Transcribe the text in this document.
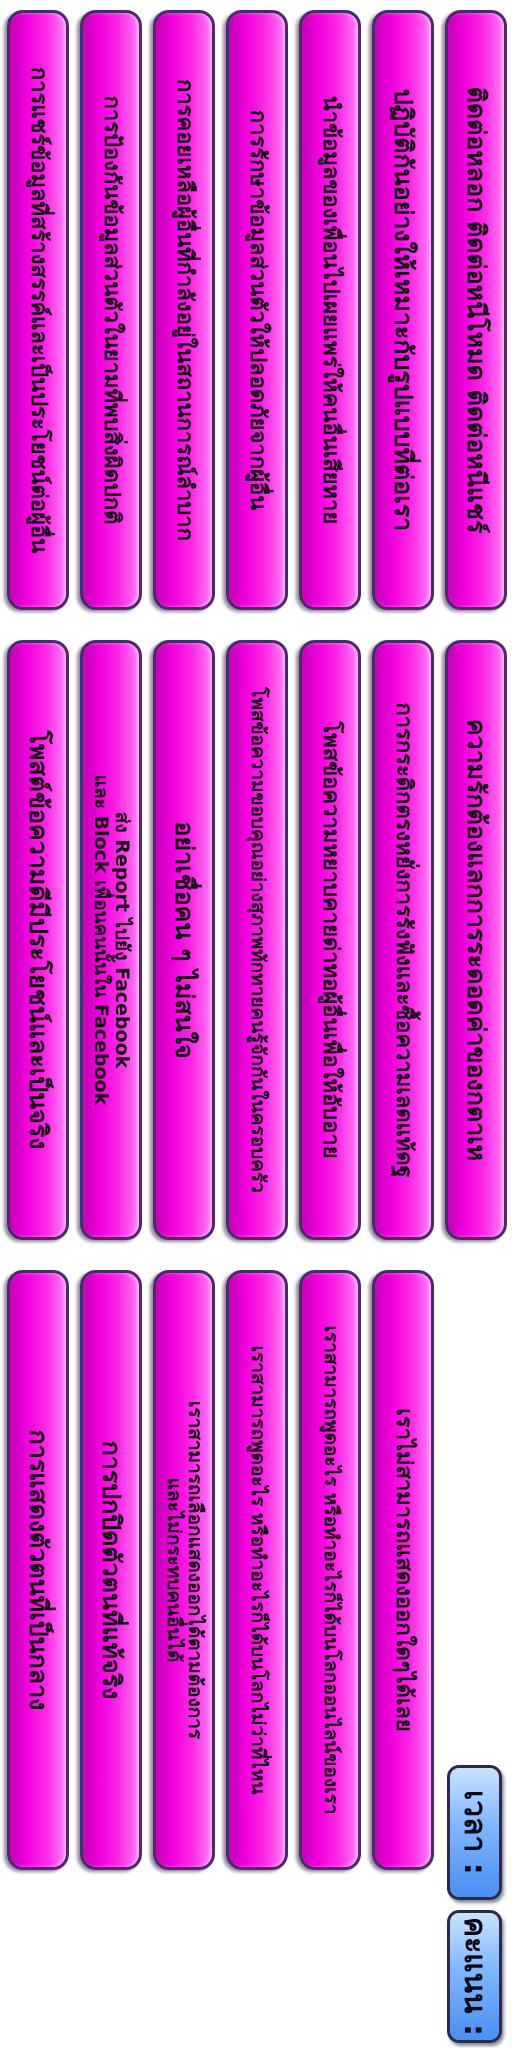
ติดต่อหลอก ติดต่อหนีโหมด ติดต่อหนีแชร์
ปฏิบัติกันอย่างให้เหมาะกับรูปแบบที่ต่อเรา
นำข้อมูลของเพื่อนไปเผยแพร่ให้คนอื่นเสียหาย
การรักษาข้อมูลส่วนตัวให้ปลอดภัยจากผู้อื่น
การคอยเหลือผู้อื่นที่กำลังอยู่ในสถานการณ์ลำบาก
การป้องกันข้อมูลส่วนตัวในยามที่พบสิ่งผิดปกติ
การแชร์ข้อมูลที่สร้างสรรค์และเป็นประโยชน์ต่อผู้อื่น
ความรักต้องแลกการระดอดค่าของกตาเห
การกระดิกตรงหยั่งการรังฟังและซื้อความเลดแท้ดฐ
โพสข้อความหยาบคายด่าทอผู้อื่นเพื่อให้อับอาย
โพสข้อความขอบคุณอย่างสุภาพทักทายคนรู้จักกันในครอบครัว
อย่าเชื่อคน ๆ ไม่สนใจ
ส่ง Report ไปยัง Facebook
และ Block เพื่อนคนนั้นใน Facebook
โพสต์ข้อความดีมีประโยชน์และเป็นจริง
เราไม่สามารถแสดงออกใดๆได้เลย
เราสามารถพูดอะไร หรือทำอะไรก็ได้บนโลกออนไลน์ของเรา
เราสามารถพูดอะไร หรือทำอะไรก็ได้บนโลกไม่ว่าที่ไหน
เราสามารถเลือกแสดงออกได้ตามต้องการ
และไม่กระทบคนอื่นได้
การปกปิดตัวตนที่แท้จริง
การแสดงตัวตนที่เป็นกลาง
เวลา :
คะแนน :
